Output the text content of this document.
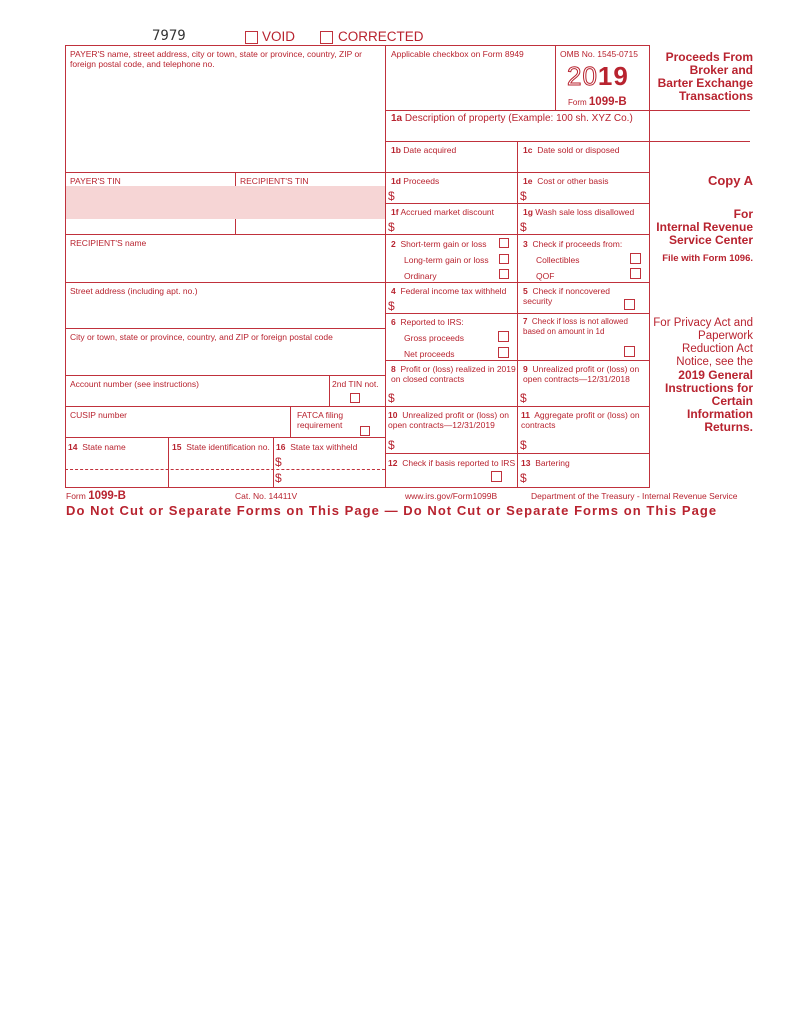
7979	VOID	CORRECTED
PAYER'S name, street address, city or town, state or province, country, ZIP or foreign postal code, and telephone no.
PAYER'S TIN	RECIPIENT'S TIN
RECIPIENT'S name
Street address (including apt. no.)
City or town, state or province, country, and ZIP or foreign postal code
Account number (see instructions)	2nd TIN not.
CUSIP number	FATCA filing requirement
14 State name	15 State identification no. 16 State tax withheld
$
$
Applicable checkbox on Form 8949	OMB No. 1545-0715
2019
Form 1099-B
1a Description of property (Example: 100 sh. XYZ Co.)
1b Date acquired	1c Date sold or disposed
1d Proceeds
$
1e Cost or other basis
$
1f Accrued market discount
$
1g Wash sale loss disallowed
$
2 Short-term gain or loss
Long-term gain or loss
Ordinary
3 Check if proceeds from:
Collectibles
QOF
4 Federal income tax withheld
$
5 Check if noncovered security
6 Reported to IRS:
Gross proceeds
Net proceeds
7 Check if loss is not allowed based on amount in 1d
8 Profit or (loss) realized in 2019 on closed contracts
$
9 Unrealized profit or (loss) on open contracts—12/31/2018
$
10 Unrealized profit or (loss) on open contracts—12/31/2019
$
11 Aggregate profit or (loss) on contracts
$
12 Check if basis reported to IRS 13 Bartering
$
Proceeds From Broker and Barter Exchange Transactions
Copy A
For
Internal Revenue Service Center
File with Form 1096.
For Privacy Act and Paperwork Reduction Act Notice, see the
2019 General Instructions for Certain Information Returns.
Form 1099-B	Cat. No. 14411V	www.irs.gov/Form1099B	Department of the Treasury - Internal Revenue Service
Do Not Cut or Separate Forms on This Page — Do Not Cut or Separate Forms on This Page
